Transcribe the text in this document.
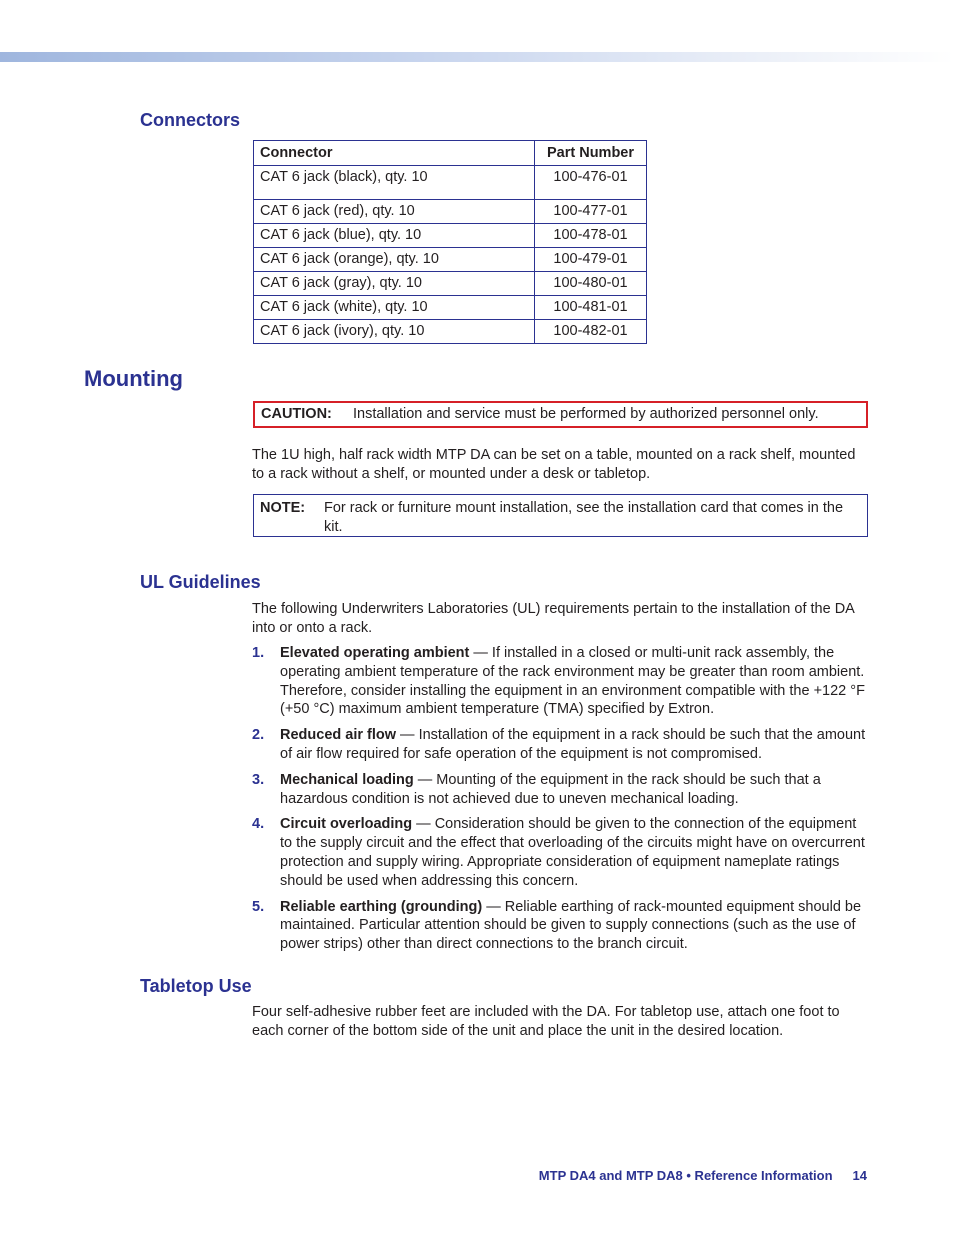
Connectors
Connector	Part Number
CAT 6 jack (black), qty. 10	100-476-01
CAT 6 jack (red), qty. 10	100-477-01
CAT 6 jack (blue), qty. 10	100-478-01
CAT 6 jack (orange), qty. 10	100-479-01
CAT 6 jack (gray), qty. 10	100-480-01
CAT 6 jack (white), qty. 10	100-481-01
CAT 6 jack (ivory), qty. 10	100-482-01
Mounting
CAUTION: Installation and service must be performed by authorized personnel only.

The 1U high, half rack width MTP DA can be set on a table, mounted on a rack shelf, mounted to a rack without a shelf, or mounted under a desk or tabletop.

NOTE: For rack or furniture mount installation, see the installation card that comes in the kit.
UL Guidelines

The following Underwriters Laboratories (UL) requirements pertain to the installation of the DA into or onto a rack.

1. Elevated operating ambient — If installed in a closed or multi-unit rack assembly, the operating ambient temperature of the rack environment may be greater than room ambient. Therefore, consider installing the equipment in an environment compatible with the +122 °F (+50 °C) maximum ambient temperature (TMA) specified by Extron.
2. Reduced air flow — Installation of the equipment in a rack should be such that the amount of air flow required for safe operation of the equipment is not compromised.
3. Mechanical loading — Mounting of the equipment in the rack should be such that a hazardous condition is not achieved due to uneven mechanical loading.
4. Circuit overloading — Consideration should be given to the connection of the equipment to the supply circuit and the effect that overloading of the circuits might have on overcurrent protection and supply wiring. Appropriate consideration of equipment nameplate ratings should be used when addressing this concern.
5. Reliable earthing (grounding) — Reliable earthing of rack-mounted equipment should be maintained. Particular attention should be given to supply connections (such as the use of power strips) other than direct connections to the branch circuit.
Tabletop Use

Four self-adhesive rubber feet are included with the DA. For tabletop use, attach one foot to each corner of the bottom side of the unit and place the unit in the desired location.

MTP DA4 and MTP DA8 • Reference Information 14
